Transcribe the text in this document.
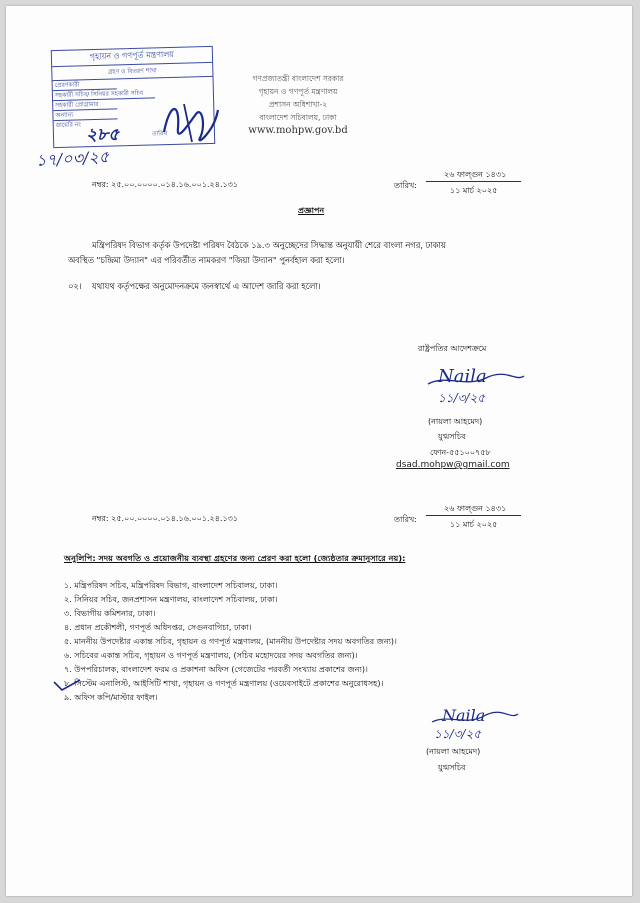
গৃহায়ন ও গণপূর্ত মন্ত্রণালয়
গ্রহণ ও বিতরণ শাখা
প্রেরণকারী
সহকারী সচিব/ সিনিয়র সহকারী সচিব
সহকারী প্রোগ্রামার
অন্যান্য
ডায়েরি নং
তারিখ
২৮৫
১৭/০৩/২৫
গণপ্রজাতন্ত্রী বাংলাদেশ সরকার
গৃহায়ন ও গণপূর্ত মন্ত্রণালয়
প্রশাসন অধিশাখা-২
বাংলাদেশ সচিবালয়, ঢাকা
www.mohpw.gov.bd
নম্বর: ২৫.০০.০০০০.০১৪.১৬.০০১.২৪.১৩১	তারিখ:
২৬ ফাল্গুন ১৪৩১
১১ মার্চ ২০২৫
প্রজ্ঞাপন
মন্ত্রিপরিষদ বিভাগ কর্তৃক উপদেষ্টা পরিষদ বৈঠকে ১৯.৩ অনুচ্ছেদের সিদ্ধান্ত অনুযায়ী শেরে বাংলা নগর, ঢাকায়
অবস্থিত "চন্দ্রিমা উদ্যান" এর পরিবর্তীত নামকরণ "জিয়া উদ্যান" পুনর্বহাল করা হলো।
০২। যথাযথ কর্তৃপক্ষের অনুমোদনক্রমে জনস্বার্থে এ আদেশ জারি করা হলো।
রাষ্ট্রপতির আদেশক্রমে
Naila
১১/৩/২৫
(নায়লা আহমেদ)
যুগ্মসচিব
ফোন-৫৫১০০৭৫৮
dsad.mohpw@gmail.com
নম্বর: ২৫.০০.০০০০.০১৪.১৬.০০১.২৪.১৩১	তারিখ:
২৬ ফাল্গুন ১৪৩১
১১ মার্চ ২০২৫
অনুলিপি: সদয় অবগতি ও প্রয়োজনীয় ব্যবস্থা গ্রহণের জন্য প্রেরণ করা হলো (জ্যেষ্ঠতার ক্রমানুসারে নয়):
১. মন্ত্রিপরিষদ সচিব, মন্ত্রিপরিষদ বিভাগ, বাংলাদেশ সচিবালয়, ঢাকা।
২. সিনিয়র সচিব, জনপ্রশাসন মন্ত্রণালয়, বাংলাদেশ সচিবালয়, ঢাকা।
৩. বিভাগীয় কমিশনার, ঢাকা।
৪. প্রধান প্রকৌশলী, গণপূর্ত অধিদপ্তর, সেগুনবাগিচা, ঢাকা।
৫. মাননীয় উপদেষ্টার একান্ত সচিব, গৃহায়ন ও গণপূর্ত মন্ত্রণালয়, (মাননীয় উপদেষ্টার সদয় অবগতির জন্য)।
৬. সচিবের একান্ত সচিব, গৃহায়ন ও গণপূর্ত মন্ত্রণালয়, (সচিব মহোদয়ের সদয় অবগতির জন্য)।
৭. উপপরিচালক, বাংলাদেশ ফরম ও প্রকাশনা অফিস (গেজেটের পরবর্তী সংখ্যায় প্রকাশের জন্য)।
৮. সিস্টেম এনালিস্ট, আইসিটি শাখা, গৃহায়ন ও গণপূর্ত মন্ত্রণালয় (ওয়েবসাইটে প্রকাশের অনুরোধসহ)।
৯. অফিস কপি/মাস্টার ফাইল।
Naila
১১/৩/২৫
(নায়লা আহমেদ)
যুগ্মসচিব
